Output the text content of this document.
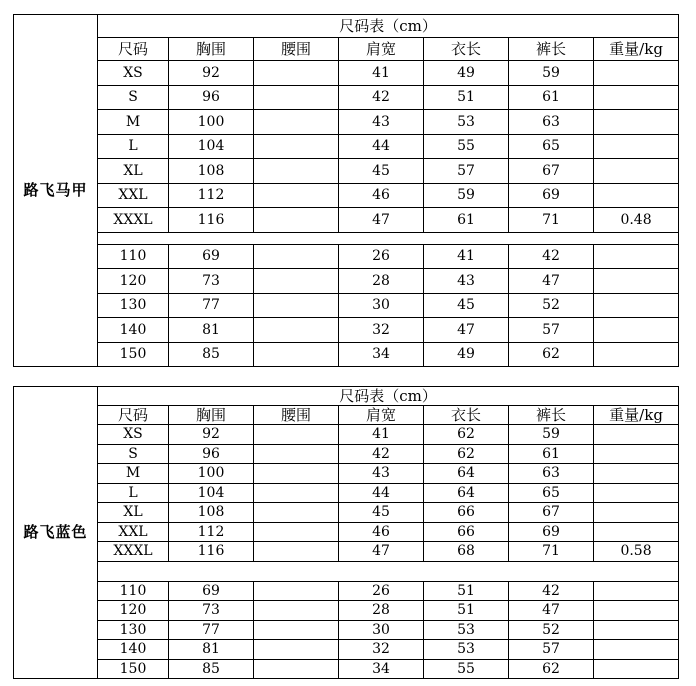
路飞马甲	尺码表（cm）						
	尺码	胸围	腰围	肩宽	衣长	裤长	重量/kg
	XS	92		41	49	59	
	S	96		42	51	61	
	M	100		43	53	63	
	L	104		44	55	65	
	XL	108		45	57	67	
	XXL	112		46	59	69	
	XXXL	116		47	61	71	0.48

	110	69		26	41	42	
	120	73		28	43	47	
	130	77		30	45	52	
	140	81		32	47	57	
	150	85		34	49	62	
路飞蓝色	尺码表（cm）						
	尺码	胸围	腰围	肩宽	衣长	裤长	重量/kg
	XS	92		41	62	59	
	S	96		42	62	61	
	M	100		43	64	63	
	L	104		44	64	65	
	XL	108		45	66	67	
	XXL	112		46	66	69	
	XXXL	116		47	68	71	0.58

	110	69		26	51	42	
	120	73		28	51	47	
	130	77		30	53	52	
	140	81		32	53	57	
	150	85		34	55	62	
